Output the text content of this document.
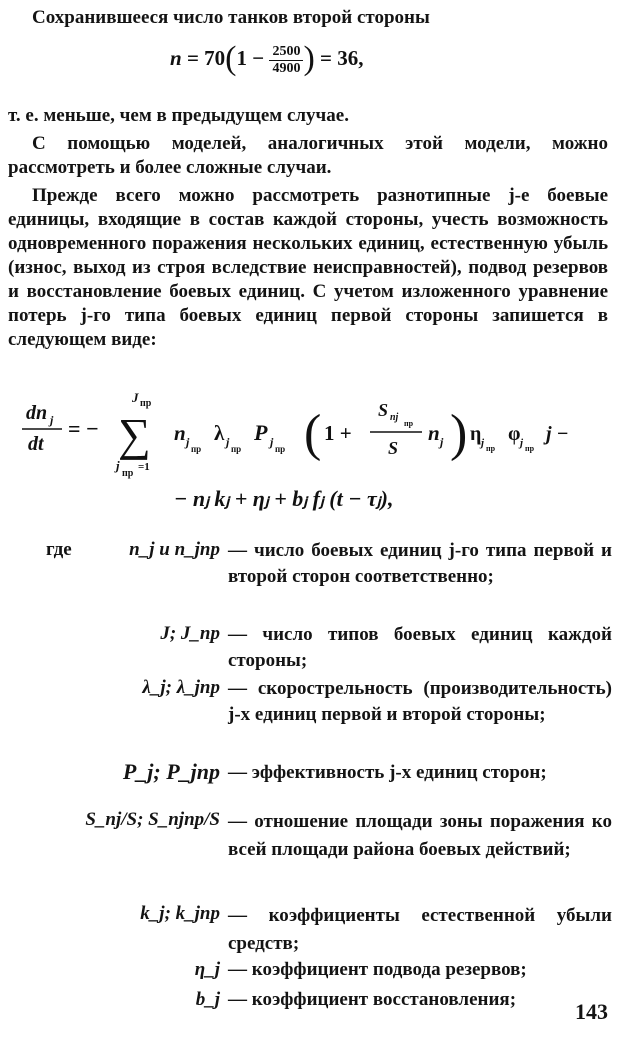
Сохранившееся число танков второй стороны

$n = 70(1 - \frac{2500}{4900}$ ) = 36,

т. е. меньше, чем в предыдущем случае.

С помощью моделей, аналогичных этой модели, можно рассмотреть и более сложные случаи.

Прежде всего можно рассмотреть разнотипные j-е боевые единицы, входящие в состав каждой стороны, учесть возможность одновременного поражения нескольких единиц, естественную убыль (износ, выход из строя вследствие неисправностей), подвод резервов и восстановление боевых единиц. С учетом изложенного уравнение потерь j-го типа боевых единиц первой стороны запишется в следующем виде:

dn j
dt
= −
J пр
∑
j
пр
=1
n j пр
λ j пр
P j пр ( 1 +
S nj
пр
S
n j ) η j пр
φ j пр
j −
− nⱼ kⱼ + ηⱼ + bⱼ fⱼ (t − τⱼ),
где	n_j и n_jпр — число боевых единиц j-го типа первой и второй сторон соответственно;
J; J_пр — число типов боевых единиц каждой стороны;
λ_j; λ_jпр — скорострельность (производительность) j-х единиц первой и второй стороны;
P_j; P_jпр — эффективность j-х единиц сторон;
S_nj/S; S_njпр/S — отношение площади зоны поражения ко всей площади района боевых действий;
k_j; k_jпр — коэффициенты естественной убыли средств;
η_j — коэффициент подвода резервов;
b_j — коэффициент восстановления;	143
